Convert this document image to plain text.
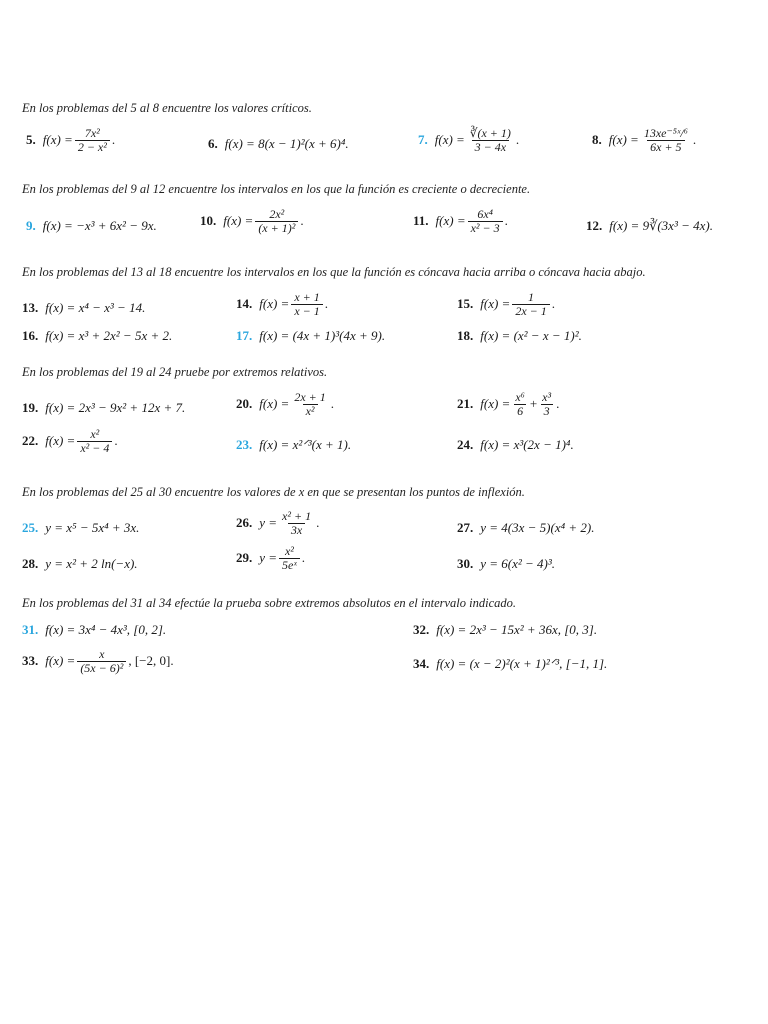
En los problemas del 5 al 8 encuentre los valores críticos.
En los problemas del 9 al 12 encuentre los intervalos en los que la función es creciente o decreciente.
En los problemas del 13 al 18 encuentre los intervalos en los que la función es cóncava hacia arriba o cóncava hacia abajo.
En los problemas del 19 al 24 pruebe por extremos relativos.
En los problemas del 25 al 30 encuentre los valores de x en que se presentan los puntos de inflexión.
En los problemas del 31 al 34 efectúe la prueba sobre extremos absolutos en el intervalo indicado.
5. $f(x) = \frac{\text{7x²}}{\text{2 − x²}}$ .	6. f(x) = 8(x − 1)²(x + 6)⁴.	7. $f(x) = \frac{∛(x + 1)}{3 - 4x}$ .	8. $f(x) = \frac{\text{13xe⁻⁵ˣ/⁶}}{6x + 5}$ .
9. f(x) = −x³ + 6x² − 9x.	10. $f(x) = \frac{\text{2x²}}{\text{(x + 1)²}}$ .	11. $f(x) = \frac{\text{6x⁴}}{\text{x² − 3}}$ .	12. f(x) = 9∛(3x³ − 4x).
13. f(x) = x⁴ − x³ − 14.	14. $f(x) = \frac{x + 1}{x - 1}$ .	15. $f(x) = \frac{1}{2x - 1}$ .
16. f(x) = x³ + 2x² − 5x + 2.	17. f(x) = (4x + 1)³(4x + 9).	18. f(x) = (x² − x − 1)².
19. f(x) = 2x³ − 9x² + 12x + 7.	20. $f(x) = \frac{2x + 1}{\text{x²}}$ .	21. $f(x) = \frac{\text{x⁶}}{6} + \frac{\text{x³}}{3}$ .
22. $f(x) = \frac{\text{x²}}{\text{x² − 4}}$ .	23. f(x) = x²ᐟ³(x + 1).	24. f(x) = x³(2x − 1)⁴.
25. y = x⁵ − 5x⁴ + 3x.	26. $y = \frac{\text{x² + 1}}{3x}$ .	27. y = 4(3x − 5)(x⁴ + 2).
28. y = x² + 2 ln(−x).	29. $y = \frac{\text{x²}}{\text{5eˣ}}$ .	30. y = 6(x² − 4)³.
31. f(x) = 3x⁴ − 4x³, [0, 2].	32. f(x) = 2x³ − 15x² + 36x, [0, 3].
33. $f(x) = \frac{x}{\text{(5x − 6)²}}$ , [−2, 0].	34. f(x) = (x − 2)²(x + 1)²ᐟ³, [−1, 1].
